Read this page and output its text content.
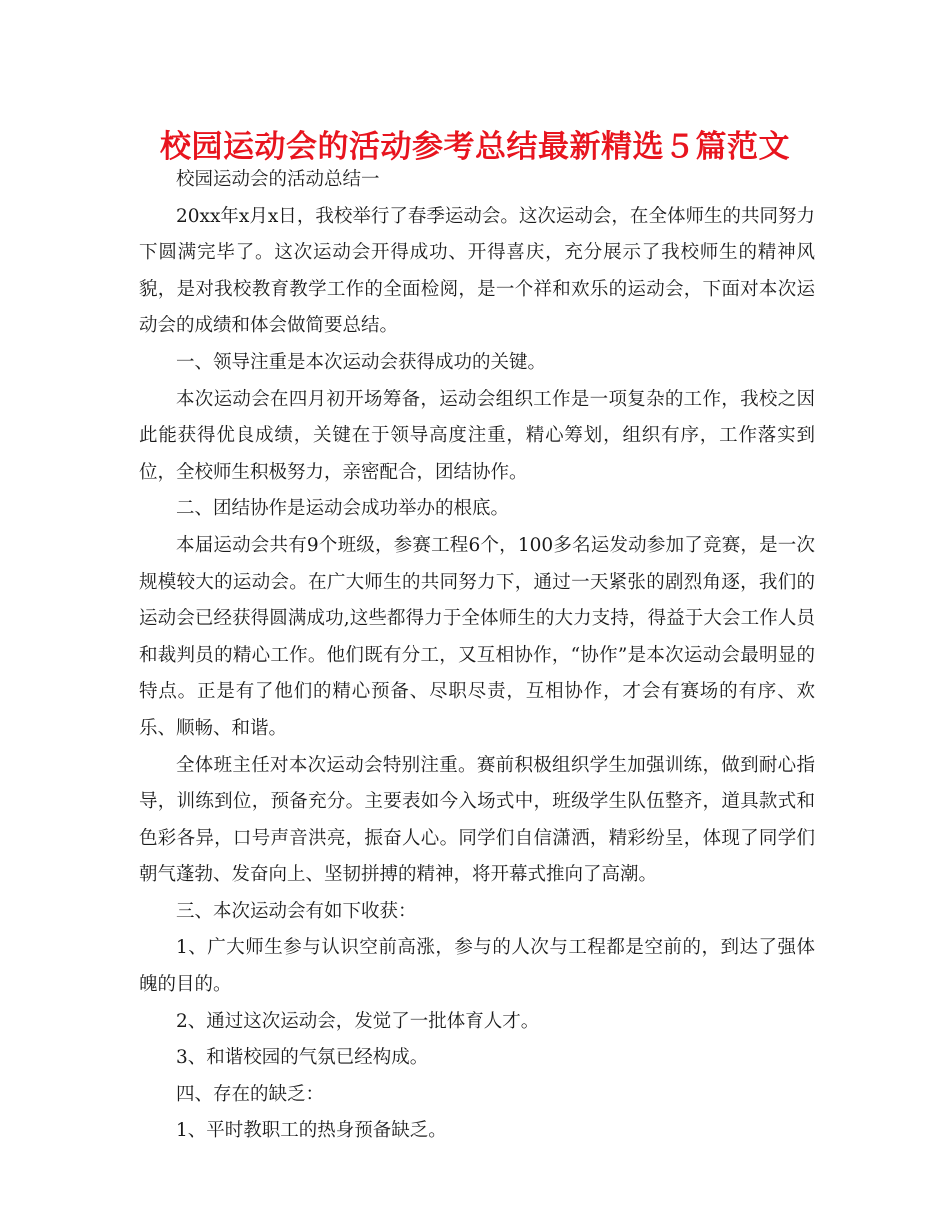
校园运动会的活动参考总结最新精选５篇范文

校园运动会的活动总结一

20xx年x月x日，我校举行了春季运动会。这次运动会，在全体师生的共同努力下圆满完毕了。这次运动会开得成功、开得喜庆，充分展示了我校师生的精神风貌，是对我校教育教学工作的全面检阅，是一个祥和欢乐的运动会，下面对本次运动会的成绩和体会做简要总结。

一、领导注重是本次运动会获得成功的关键。

本次运动会在四月初开场筹备，运动会组织工作是一项复杂的工作，我校之因此能获得优良成绩，关键在于领导高度注重，精心筹划，组织有序，工作落实到位，全校师生积极努力，亲密配合，团结协作。

二、团结协作是运动会成功举办的根底。

本届运动会共有9个班级，参赛工程6个，100多名运发动参加了竞赛，是一次规模较大的运动会。在广大师生的共同努力下，通过一天紧张的剧烈角逐，我们的运动会已经获得圆满成功,这些都得力于全体师生的大力支持，得益于大会工作人员和裁判员的精心工作。他们既有分工，又互相协作，“协作”是本次运动会最明显的特点。正是有了他们的精心预备、尽职尽责，互相协作，才会有赛场的有序、欢乐、顺畅、和谐。

全体班主任对本次运动会特别注重。赛前积极组织学生加强训练，做到耐心指导，训练到位，预备充分。主要表如今入场式中，班级学生队伍整齐，道具款式和色彩各异，口号声音洪亮，振奋人心。同学们自信潇洒，精彩纷呈，体现了同学们朝气蓬勃、发奋向上、坚韧拼搏的精神，将开幕式推向了高潮。

三、本次运动会有如下收获：

1、广大师生参与认识空前高涨，参与的人次与工程都是空前的，到达了强体魄的目的。

2、通过这次运动会，发觉了一批体育人才。

3、和谐校园的气氛已经构成。

四、存在的缺乏：

1、平时教职工的热身预备缺乏。
